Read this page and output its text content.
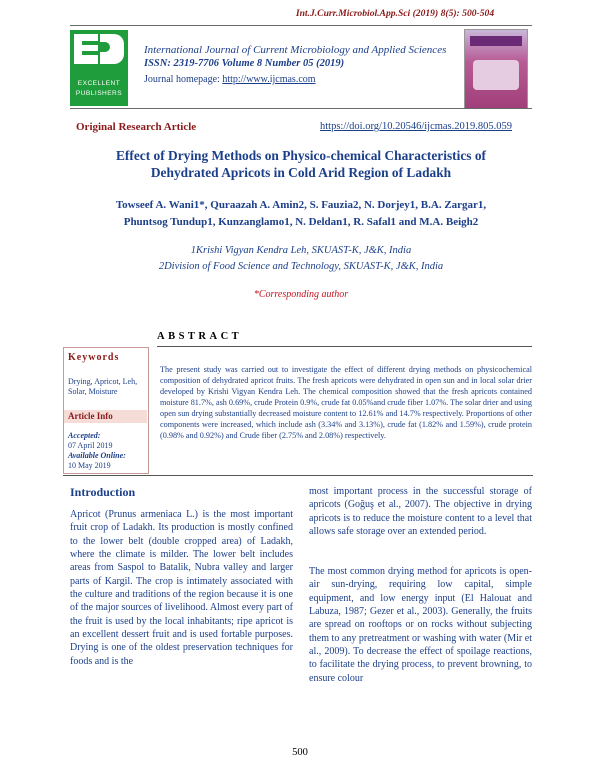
Int.J.Curr.Microbiol.App.Sci (2019) 8(5): 500-504
EXCELLENT
PUBLISHERS
International Journal of Current Microbiology and Applied Sciences
ISSN: 2319-7706 Volume 8 Number 05 (2019)
Journal homepage: http://www.ijcmas.com
Original Research Article	https://doi.org/10.20546/ijcmas.2019.805.059
Effect of Drying Methods on Physico-chemical Characteristics of
Dehydrated Apricots in Cold Arid Region of Ladakh
Towseef A. Wani1*, Quraazah A. Amin2, S. Fauzia2, N. Dorjey1, B.A. Zargar1,
Phuntsog Tundup1, Kunzanglamo1, N. Deldan1, R. Safal1 and M.A. Beigh2
1Krishi Vigyan Kendra Leh, SKUAST-K, J&K, India
2Division of Food Science and Technology, SKUAST-K, J&K, India
*Corresponding author
ABSTRACT
Keywords
Drying, Apricot, Leh, Solar, Moisture
Article Info
Accepted:
07 April 2019
Available Online:
10 May 2019
The present study was carried out to investigate the effect of different drying methods on physicochemical composition of dehydrated apricot fruits. The fresh apricots were dehydrated in open sun and in local solar drier developed by Krishi Vigyan Kendra Leh. The chemical composition showed that the fresh apricots contained moisture 81.7%, ash 0.69%, crude Protein 0.9%, crude fat 0.05%and crude fiber 1.07%. The solar drier and using open sun drying substantially decreased moisture content to 12.61% and 14.7% respectively. Proportions of other components were increased, which include ash (3.34% and 3.13%), crude fat (1.82% and 1.59%), crude protein (0.98% and 0.92%) and Crude fiber (2.75% and 2.08%) respectively.
Introduction
Apricot (Prunus armeniaca L.) is the most important fruit crop of Ladakh. Its production is mostly confined to the lower belt (double cropped area) of Ladakh, where the climate is milder. The lower belt includes areas from Saspol to Batalik, Nubra valley and larger parts of Kargil. The crop is intimately associated with the culture and traditions of the region because it is one of the major sources of livelihood. Almost every part of the fruit is used by the local inhabitants; ripe apricot is an excellent dessert fruit and is used fortable purposes. Drying is one of the oldest preservation techniques for foods and is the
most important process in the successful storage of apricots (Goğuş et al., 2007). The objective in drying apricots is to reduce the moisture content to a level that allows safe storage over an extended period.
The most common drying method for apricots is open-air sun-drying, requiring low capital, simple equipment, and low energy input (El Halouat and Labuza, 1987; Gezer et al., 2003). Generally, the fruits are spread on rooftops or on rocks without subjecting them to any pretreatment or washing with water (Mir et al., 2009). To decrease the effect of spoilage reactions, to facilitate the drying process, to prevent browning, to ensure colour
500
